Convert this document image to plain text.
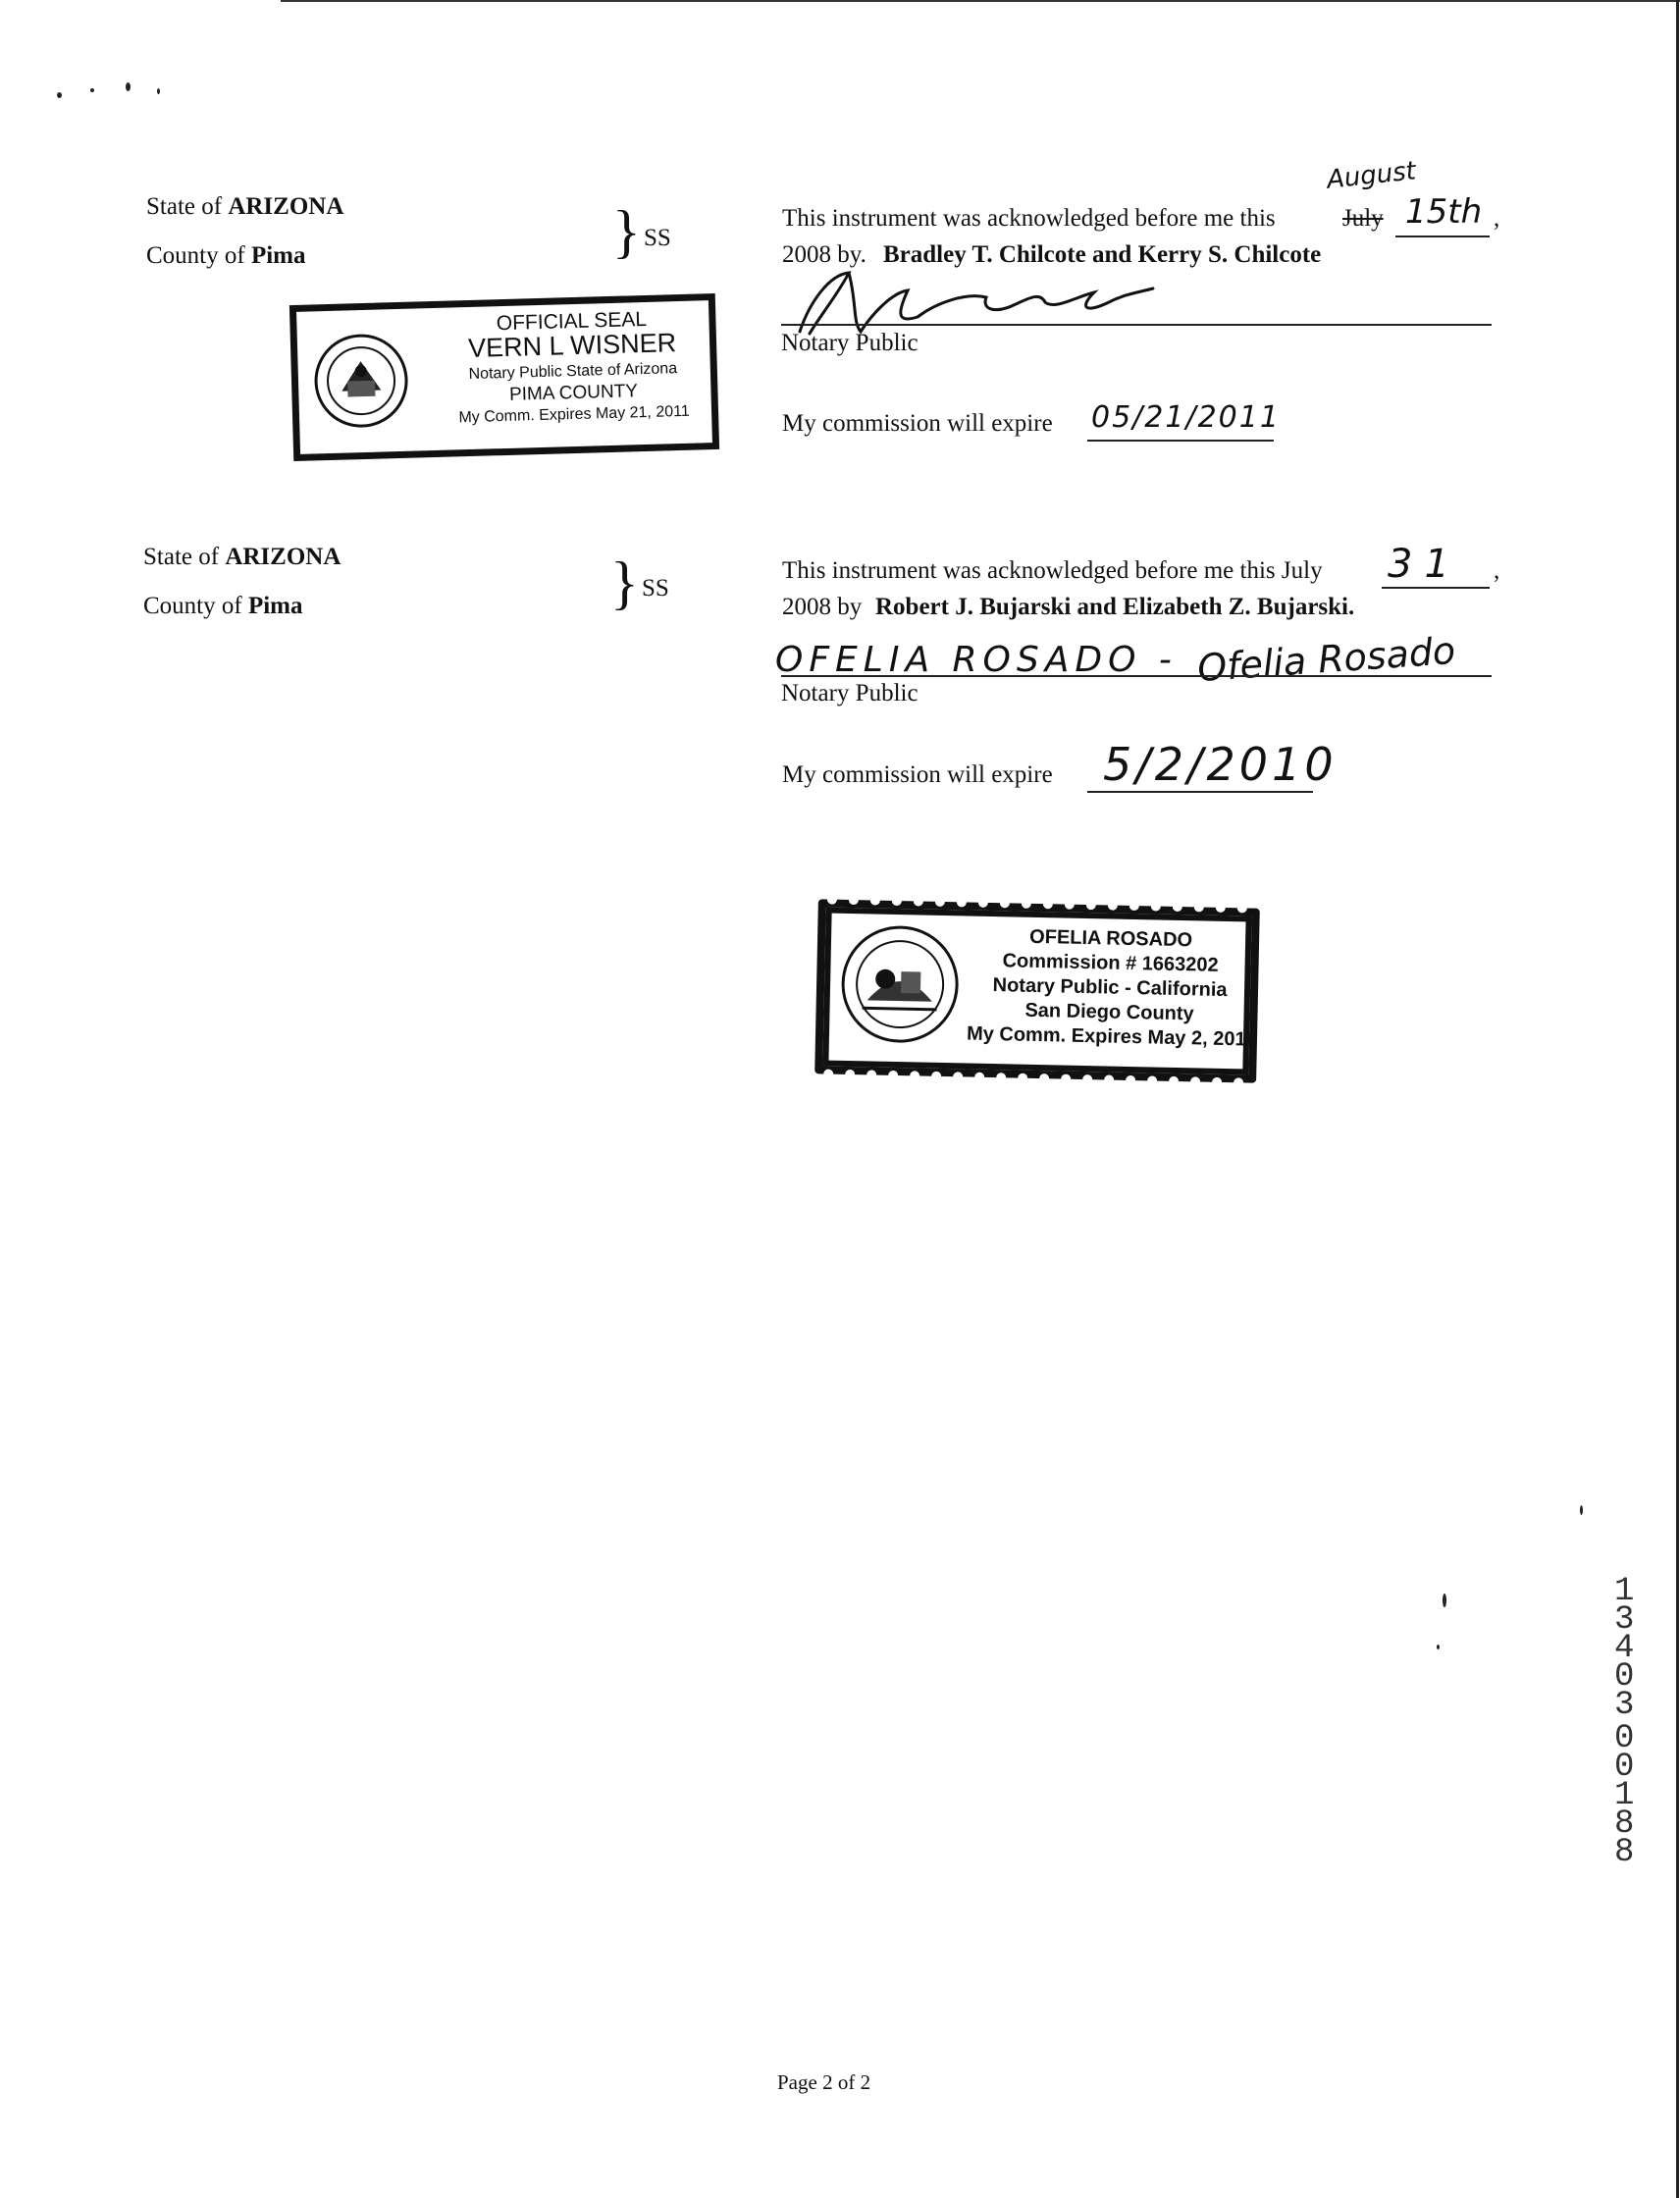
State of ARIZONA
County of Pima	} SS
This instrument was acknowledged before me this	July
August
15th ,
2008 by. Bradley T. Chilcote and Kerry S. Chilcote
Notary Public
My commission will expire 05/21/2011
OFFICIAL SEAL
VERN L WISNER
Notary Public State of Arizona
PIMA COUNTY
My Comm. Expires May 21, 2011
State of ARIZONA
County of Pima	} SS
This instrument was acknowledged before me this July 31 ,
2008 by Robert J. Bujarski and Elizabeth Z. Bujarski.
OFELIA ROSADO - Ofelia Rosado
Notary Public
My commission will expire 5/2/2010
OFELIA ROSADO
Commission # 1663202
Notary Public - California
San Diego County
My Comm. Expires May 2, 2010
13403
00188
Page 2 of 2
